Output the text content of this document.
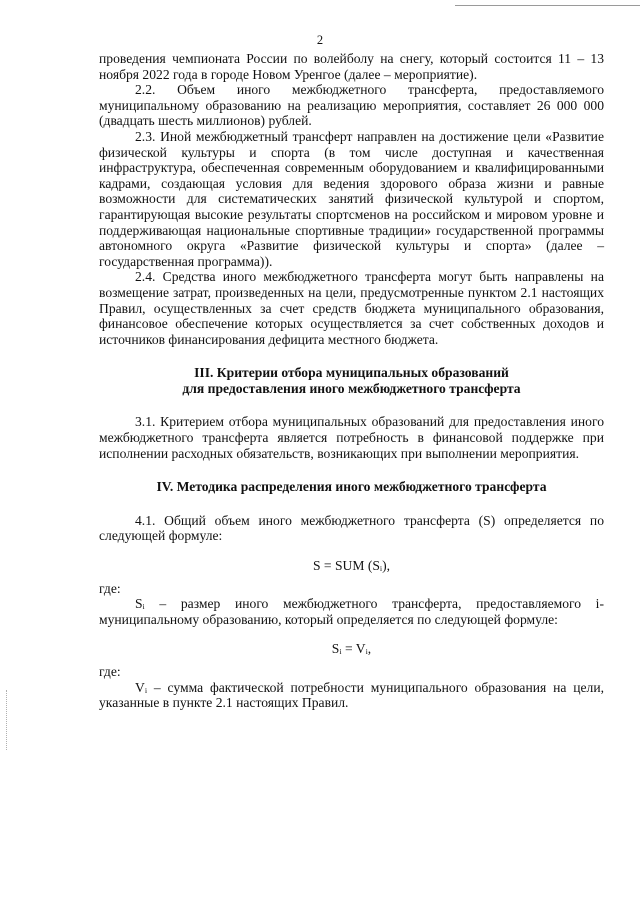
2

проведения чемпионата России по волейболу на снегу, который состоится 11 – 13 ноября 2022 года в городе Новом Уренгое (далее – мероприятие).

2.2. Объем иного межбюджетного трансферта, предоставляемого муниципальному образованию на реализацию мероприятия, составляет 26 000 000 (двадцать шесть миллионов) рублей.

2.3. Иной межбюджетный трансферт направлен на достижение цели «Развитие физической культуры и спорта (в том числе доступная и качественная инфраструктура, обеспеченная современным оборудованием и квалифицированными кадрами, создающая условия для ведения здорового образа жизни и равные возможности для систематических занятий физической культурой и спортом, гарантирующая высокие результаты спортсменов на российском и мировом уровне и поддерживающая национальные спортивные традиции» государственной программы автономного округа «Развитие физической культуры и спорта» (далее – государственная программа)).

2.4. Средства иного межбюджетного трансферта могут быть направлены на возмещение затрат, произведенных на цели, предусмотренные пунктом 2.1 настоящих Правил, осуществленных за счет средств бюджета муниципального образования, финансовое обеспечение которых осуществляется за счет собственных доходов и источников финансирования дефицита местного бюджета.

III. Критерии отбора муниципальных образований

для предоставления иного межбюджетного трансферта

3.1. Критерием отбора муниципальных образований для предоставления иного межбюджетного трансферта является потребность в финансовой поддержке при исполнении расходных обязательств, возникающих при выполнении мероприятия.

IV. Методика распределения иного межбюджетного трансферта

4.1. Общий объем иного межбюджетного трансферта (S) определяется по следующей формуле:

S = SUM (Sᵢ),

где:

Sᵢ – размер иного межбюджетного трансферта, предоставляемого i-муниципальному образованию, который определяется по следующей формуле:

Sᵢ = Vᵢ,

где:

Vᵢ – сумма фактической потребности муниципального образования на цели, указанные в пункте 2.1 настоящих Правил.
